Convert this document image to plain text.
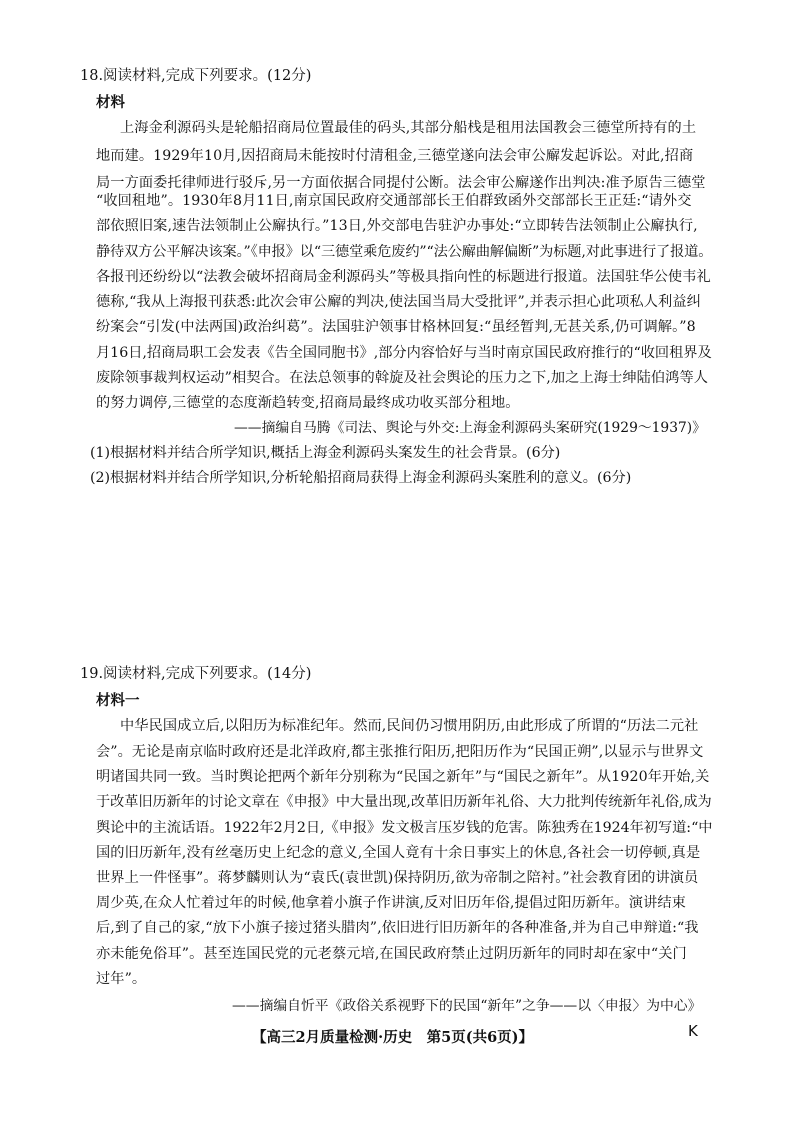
18.阅读材料,完成下列要求。(12分)
材料
上海金利源码头是轮船招商局位置最佳的码头,其部分船栈是租用法国教会三德堂所持有的土
地而建。1929年10月,因招商局未能按时付清租金,三德堂遂向法会审公廨发起诉讼。对此,招商
局一方面委托律师进行驳斥,另一方面依据合同提付公断。法会审公廨遂作出判决:准予原告三德堂
“收回租地”。1930年8月11日,南京国民政府交通部部长王伯群致函外交部部长王正廷:“请外交
部依照旧案,速告法领制止公廨执行。”13日,外交部电告驻沪办事处:“立即转告法领制止公廨执行,
静待双方公平解决该案。”《申报》以“三德堂乘危废约”“法公廨曲解偏断”为标题,对此事进行了报道。
各报刊还纷纷以“法教会破坏招商局金利源码头”等极具指向性的标题进行报道。法国驻华公使韦礼
德称,“我从上海报刊获悉:此次会审公廨的判决,使法国当局大受批评”,并表示担心此项私人利益纠
纷案会“引发(中法两国)政治纠葛”。法国驻沪领事甘格林回复:“虽经暂判,无甚关系,仍可调解。”8
月16日,招商局职工会发表《告全国同胞书》,部分内容恰好与当时南京国民政府推行的“收回租界及
废除领事裁判权运动”相契合。在法总领事的斡旋及社会舆论的压力之下,加之上海士绅陆伯鸿等人
的努力调停,三德堂的态度渐趋转变,招商局最终成功收买部分租地。
——摘编自马腾《司法、舆论与外交:上海金利源码头案研究(1929～1937)》
(1)根据材料并结合所学知识,概括上海金利源码头案发生的社会背景。(6分)
(2)根据材料并结合所学知识,分析轮船招商局获得上海金利源码头案胜利的意义。(6分)
19.阅读材料,完成下列要求。(14分)
材料一
中华民国成立后,以阳历为标准纪年。然而,民间仍习惯用阴历,由此形成了所谓的“历法二元社
会”。无论是南京临时政府还是北洋政府,都主张推行阳历,把阳历作为“民国正朔”,以显示与世界文
明诸国共同一致。当时舆论把两个新年分别称为“民国之新年”与“国民之新年”。从1920年开始,关
于改革旧历新年的讨论文章在《申报》中大量出现,改革旧历新年礼俗、大力批判传统新年礼俗,成为
舆论中的主流话语。1922年2月2日,《申报》发文极言压岁钱的危害。陈独秀在1924年初写道:“中
国的旧历新年,没有丝毫历史上纪念的意义,全国人竟有十余日事实上的休息,各社会一切停顿,真是
世界上一件怪事”。蒋梦麟则认为“袁氏(袁世凯)保持阴历,欲为帝制之陪衬。”社会教育团的讲演员
周少英,在众人忙着过年的时候,他拿着小旗子作讲演,反对旧历年俗,提倡过阳历新年。演讲结束
后,到了自己的家,“放下小旗子接过猪头腊肉”,依旧进行旧历新年的各种准备,并为自己申辩道:“我
亦未能免俗耳”。甚至连国民党的元老蔡元培,在国民政府禁止过阴历新年的同时却在家中“关门
过年”。
——摘编自忻平《政俗关系视野下的民国“新年”之争——以〈申报〉为中心》
【高三2月质量检测·历史　第5页(共6页)】	K
